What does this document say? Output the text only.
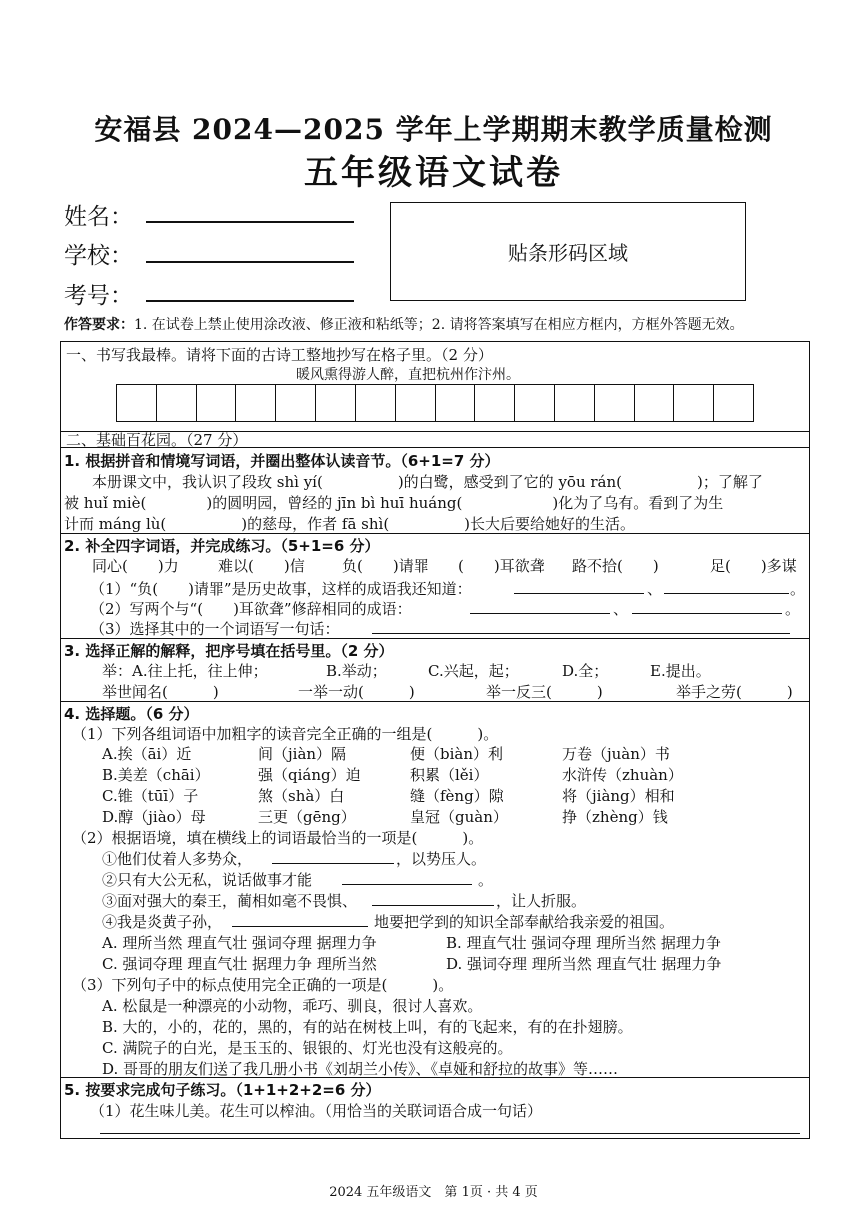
安福县 2024—2025 学年上学期期末教学质量检测
五年级语文试卷
姓名：
学校：
考号：
贴条形码区域
作答要求：1. 在试卷上禁止使用涂改液、修正液和粘纸等；2. 请将答案填写在相应方框内，方框外答题无效。
一、书写我最棒。请将下面的古诗工整地抄写在格子里。（2 分）
暖风熏得游人醉，直把杭州作汴州。
二、基础百花园。（27 分）
1. 根据拼音和情境写词语，并圈出整体认读音节。（6+1=7 分）
本册课文中，我认识了段玫 shì yí(　　　　　)的白鹭，感受到了它的 yōu rán(　　　　　)；了解了
被 huǐ miè(　　　　)的圆明园，曾经的 jīn bì huī huáng(　　　　　　)化为了乌有。看到了为生
计而 máng lù(　　　　　)的慈母，作者 fā shì(　　　　　)长大后要给她好的生活。
2. 补全四字词语，并完成练习。（5+1=6 分）
同心(　　)力	难以(　　)信 负(　　)请罪 (　　)耳欲聋 路不拾(　　)	足(　　)多谋
（1）“负(　　)请罪”是历史故事，这样的成语我还知道：	、	。
（2）写两个与“(　　)耳欲聋”修辞相同的成语：	、	。
（3）选择其中的一个词语写一句话：
3. 选择正解的解释，把序号填在括号里。（2 分）
举：A.往上托，往上伸；	B.举动；	C.兴起，起；	D.全；	E.提出。
举世闻名(　　　)	一举一动(　　　)	举一反三(　　　)	举手之劳(　　　)
4. 选择题。（6 分）
（1）下列各组词语中加粗字的读音完全正确的一组是(　　　)。
A.挨（āi）近	间（jiàn）隔	便（biàn）利	万卷（juàn）书
B.美差（chāi）	强（qiáng）迫	积累（lěi）	水浒传（zhuàn）
C.锥（tūī）子	煞（shà）白	缝（fèng）隙	将（jiàng）相和
D.醇（jiào）母	三更（gēng）	皇冠（guàn）	挣（zhèng）钱
（2）根据语境，填在横线上的词语最恰当的一项是(　　　)。
①他们仗着人多势众，	，以势压人。
②只有大公无私，说话做事才能	。
③面对强大的秦王，蔺相如毫不畏惧、	，让人折服。
④我是炎黄子孙，	地要把学到的知识全部奉献给我亲爱的祖国。
A. 理所当然 理直气壮 强词夺理 据理力争	B. 理直气壮 强词夺理 理所当然 据理力争
C. 强词夺理 理直气壮 据理力争 理所当然	D. 强词夺理 理所当然 理直气壮 据理力争
（3）下列句子中的标点使用完全正确的一项是(　　　)。
A. 松鼠是一种漂亮的小动物，乖巧、驯良，很讨人喜欢。
B. 大的，小的，花的，黑的，有的站在树枝上叫，有的飞起来，有的在扑翅膀。
C. 满院子的白光，是玉玉的、银银的、灯光也没有这般亮的。
D. 哥哥的朋友们送了我几册小书《刘胡兰小传》、《卓娅和舒拉的故事》等……
5. 按要求完成句子练习。（1+1+2+2=6 分）
（1）花生味儿美。花生可以榨油。（用恰当的关联词语合成一句话）
2024 五年级语文　第 1页 · 共 4 页
